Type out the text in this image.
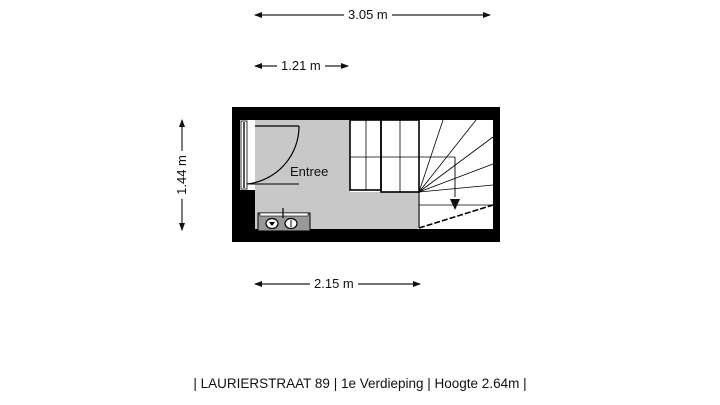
3.05 m
1.21 m
2.15 m
1.44 m	Entree
| LAURIERSTRAAT 89 | 1e Verdieping | Hoogte 2.64m |
